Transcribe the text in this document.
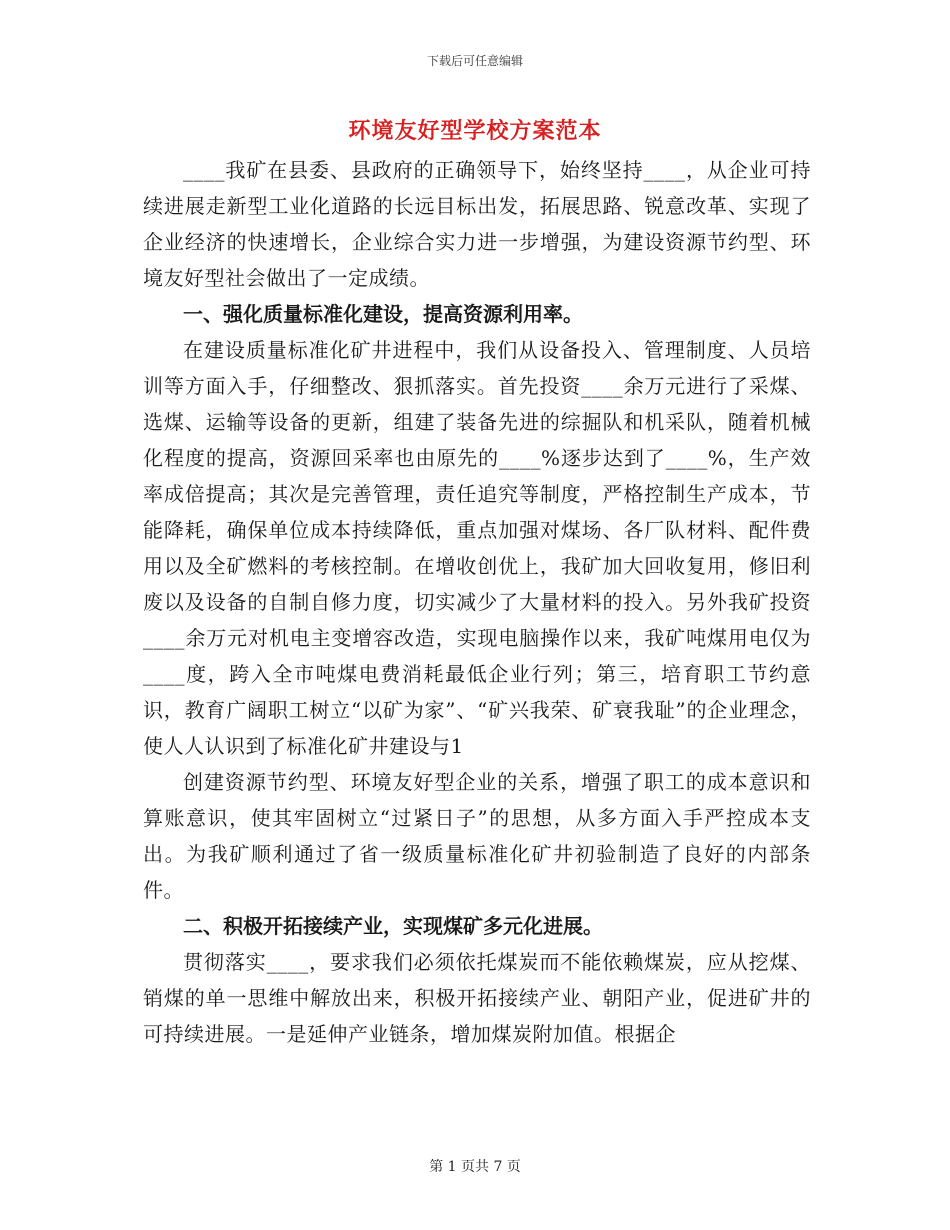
下载后可任意编辑
环境友好型学校方案范本

____我矿在县委、县政府的正确领导下，始终坚持____，从企业可持续进展走新型工业化道路的长远目标出发，拓展思路、锐意改革、实现了企业经济的快速增长，企业综合实力进一步增强，为建设资源节约型、环境友好型社会做出了一定成绩。

一、强化质量标准化建设，提高资源利用率。

在建设质量标准化矿井进程中，我们从设备投入、管理制度、人员培训等方面入手，仔细整改、狠抓落实。首先投资____余万元进行了采煤、选煤、运输等设备的更新，组建了装备先进的综掘队和机采队，随着机械化程度的提高，资源回采率也由原先的____%逐步达到了____%，生产效率成倍提高；其次是完善管理，责任追究等制度，严格控制生产成本，节能降耗，确保单位成本持续降低，重点加强对煤场、各厂队材料、配件费用以及全矿燃料的考核控制。在增收创优上，我矿加大回收复用，修旧利废以及设备的自制自修力度，切实减少了大量材料的投入。另外我矿投资____余万元对机电主变增容改造，实现电脑操作以来，我矿吨煤用电仅为____度，跨入全市吨煤电费消耗最低企业行列；第三，培育职工节约意识，教育广阔职工树立“以矿为家”、“矿兴我荣、矿衰我耻”的企业理念，使人人认识到了标准化矿井建设与1

创建资源节约型、环境友好型企业的关系，增强了职工的成本意识和算账意识，使其牢固树立“过紧日子”的思想，从多方面入手严控成本支出。为我矿顺利通过了省一级质量标准化矿井初验制造了良好的内部条件。

二、积极开拓接续产业，实现煤矿多元化进展。

贯彻落实____，要求我们必须依托煤炭而不能依赖煤炭，应从挖煤、销煤的单一思维中解放出来，积极开拓接续产业、朝阳产业，促进矿井的可持续进展。一是延伸产业链条，增加煤炭附加值。根据企

第 1 页共 7 页
